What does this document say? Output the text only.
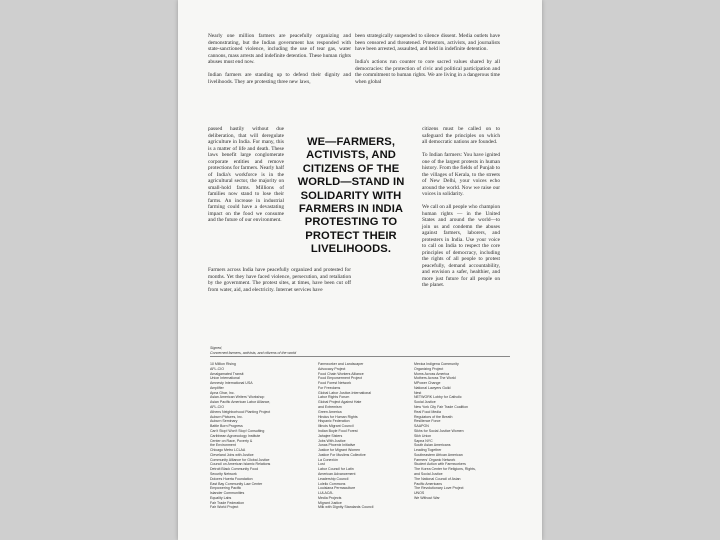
Nearly one million farmers are peacefully organizing and demonstrating, but the Indian government has responded with state-sanctioned violence, including the use of tear gas, water cannons, mass arrests and indefinite detention. These human rights abuses must end now.

Indian farmers are standing up to defend their dignity and livelihoods. They are protesting three new laws,

been strategically suspended to silence dissent. Media outlets have been censored and threatened. Protestors, activists, and journalists have been arrested, assaulted, and held in indefinite detention.

India's actions run counter to core sacred values shared by all democracies: the protection of civic and political participation and the commitment to human rights. We are living in a dangerous time when global

passed hastily without due deliberation, that will deregulate agriculture in India. For many, this is a matter of life and death. These laws benefit large conglomerate corporate entities and remove protections for farmers. Nearly half of India's workforce is in the agricultural sector, the majority on small-hold farms. Millions of families now stand to lose their farms. An increase in industrial farming could have a devastating impact on the food we consume and the future of our environment.

WE—FARMERS, ACTIVISTS, AND CITIZENS OF THE WORLD—STAND IN SOLIDARITY WITH FARMERS IN INDIA PROTESTING TO PROTECT THEIR LIVELIHOODS.

citizens must be called on to safeguard the principles on which all democratic nations are founded.

To Indian farmers: You have ignited one of the largest protests in human history. From the fields of Punjab to the villages of Kerala, to the streets of New Delhi, your voices echo around the world. Now we raise our voices in solidarity.

We call on all people who champion human rights — in the United States and around the world—to join us and condemn the abuses against farmers, laborers, and protesters in India. Use your voice to call on India to respect the core principles of democracy, including the rights of all people to protest peacefully, demand accountability, and envision a safer, healthier, and more just future for all people on the planet.

Farmers across India have peacefully organized and protested for months. Yet they have faced violence, persecution, and retaliation by the government. The protest sites, at times, have been cut off from water, aid, and electricity. Internet services have

Signed,
Concerned farmers, activists, and citizens of the world
10 Million Rising
AFL-CIO
Amalgamated Transit
Union International
Amnesty International USA
Amplifier
Apna Ghar, Inc.
Asian American Writers' Workshop
Asian Pacific American Labor Alliance,
AFL-CIO
Athens Neighborhood Planting Project
Auburn Pictures, Inc.
Auburn Seminary
Battle Born Progress
Can't Stop! Won't Stop! Consulting
Caribbean Agroecology Institute
Center on Race, Poverty &
the Environment
Chicago Metro LCLAA
Cleveland Jobs with Justice
Community Alliance for Global Justice
Council on American Islamic Relations
Detroit Black Community Food
Security Network
Dolores Huerta Foundation
East Bay Community Law Center
Empowering Pacific
Islander Communities
Equality Labs
Fair Trade Federation
Fair World Project
Farmworker and Landscaper
Advocacy Project
Food Chain Workers Alliance
Food Empowerment Project
Food Forest Network
For Freedoms
Global Labor Justice-International
Labor Rights Forum
Global Project Against Hate
and Extremism
Green America
Hindus for Human Rights
Hispanic Federation
Illinois Migrant Council
Indian Boyle Food Forest
Jahajee Sisters
Jobs With Justice
Junas Phoenix Initiative
Justice for Migrant Women
Justice For Muslims Collective
La Conexión
Lost
Labor Council for Latin
American Advancement
Leadership Council
Lolelio Commons
Louisiana Permaculture
LULAC/IL
Media Projects
Migrant Justice
Milk with Dignity Standards Council
Mexica Indigena Community
Organizing Project
Moms Across America
Mothers Across The World
MPower Change
National Lawyers Guild
Nest
NETWORK Lobby for Catholic
Social Justice
New York City Fair Trade Coalition
Real Food Media
Regulators of the Breath
Resilience Force
SAAPON
Sikhs for Social Justice Women
Sikh Union
Sapna NYC
South Asian Americans
Leading Together
Southeastern African American
Farmers' Organic Network
Student Action with Farmworkers
The Korea Center for Religions, Rights,
and Social Justice
The National Council of Asian
Pacific Americans
The Revolutionary Love Project
UNOS
We Without War
